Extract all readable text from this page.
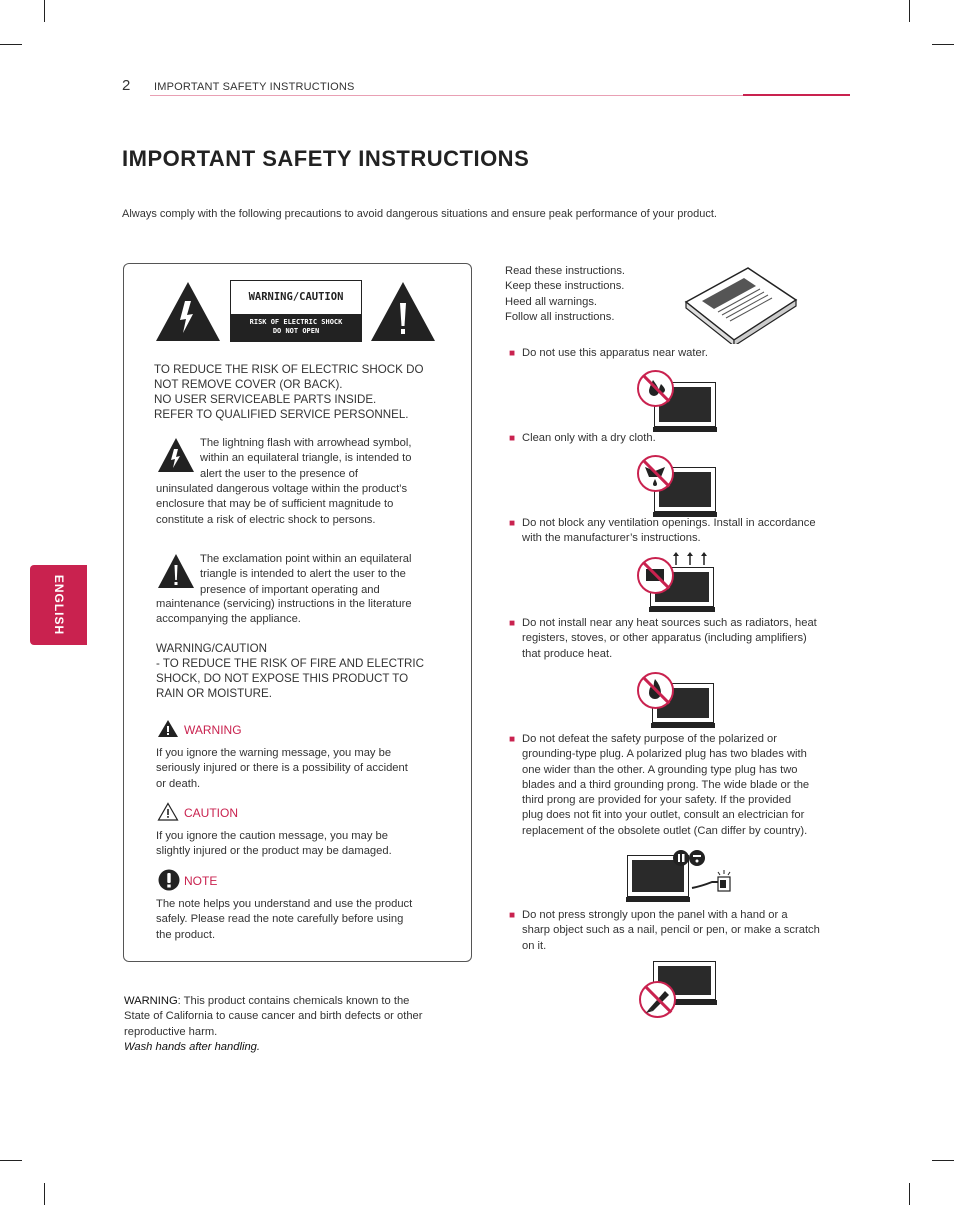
2 IMPORTANT SAFETY INSTRUCTIONS
IMPORTANT SAFETY INSTRUCTIONS
Always comply with the following precautions to avoid dangerous situations and ensure peak performance of your product.
ENGLISH
WARNING/CAUTION
RISK OF ELECTRIC SHOCK
DO NOT OPEN
TO REDUCE THE RISK OF ELECTRIC SHOCK DO
NOT REMOVE COVER (OR BACK).
NO USER SERVICEABLE PARTS INSIDE.
REFER TO QUALIFIED SERVICE PERSONNEL.
The lightning flash with arrowhead symbol,
within an equilateral triangle, is intended to
alert the user to the presence of
uninsulated dangerous voltage within the product’s
enclosure that may be of sufficient magnitude to
constitute a risk of electric shock to persons.
The exclamation point within an equilateral
triangle is intended to alert the user to the
presence of important operating and
maintenance (servicing) instructions in the literature
accompanying the appliance.
WARNING/CAUTION
- TO REDUCE THE RISK OF FIRE AND ELECTRIC
SHOCK, DO NOT EXPOSE THIS PRODUCT TO
RAIN OR MOISTURE.
WARNING
If you ignore the warning message, you may be
seriously injured or there is a possibility of accident
or death.
CAUTION
If you ignore the caution message, you may be
slightly injured or the product may be damaged.
NOTE
The note helps you understand and use the product
safely. Please read the note carefully before using
the product.
WARNING: This product contains chemicals known to the
State of California to cause cancer and birth defects or other
reproductive harm.
Wash hands after handling.
Read these instructions.
Keep these instructions.
Heed all warnings.
Follow all instructions.
■ Do not use this apparatus near water.
■ Clean only with a dry cloth.
■ Do not block any ventilation openings. Install in accordance
with the manufacturer’s instructions.
■ Do not install near any heat sources such as radiators, heat
registers, stoves, or other apparatus (including amplifiers)
that produce heat.
■ Do not defeat the safety purpose of the polarized or
grounding-type plug. A polarized plug has two blades with
one wider than the other. A grounding type plug has two
blades and a third grounding prong. The wide blade or the
third prong are provided for your safety. If the provided
plug does not fit into your outlet, consult an electrician for
replacement of the obsolete outlet (Can differ by country).
■ Do not press strongly upon the panel with a hand or a
sharp object such as a nail, pencil or pen, or make a scratch
on it.
